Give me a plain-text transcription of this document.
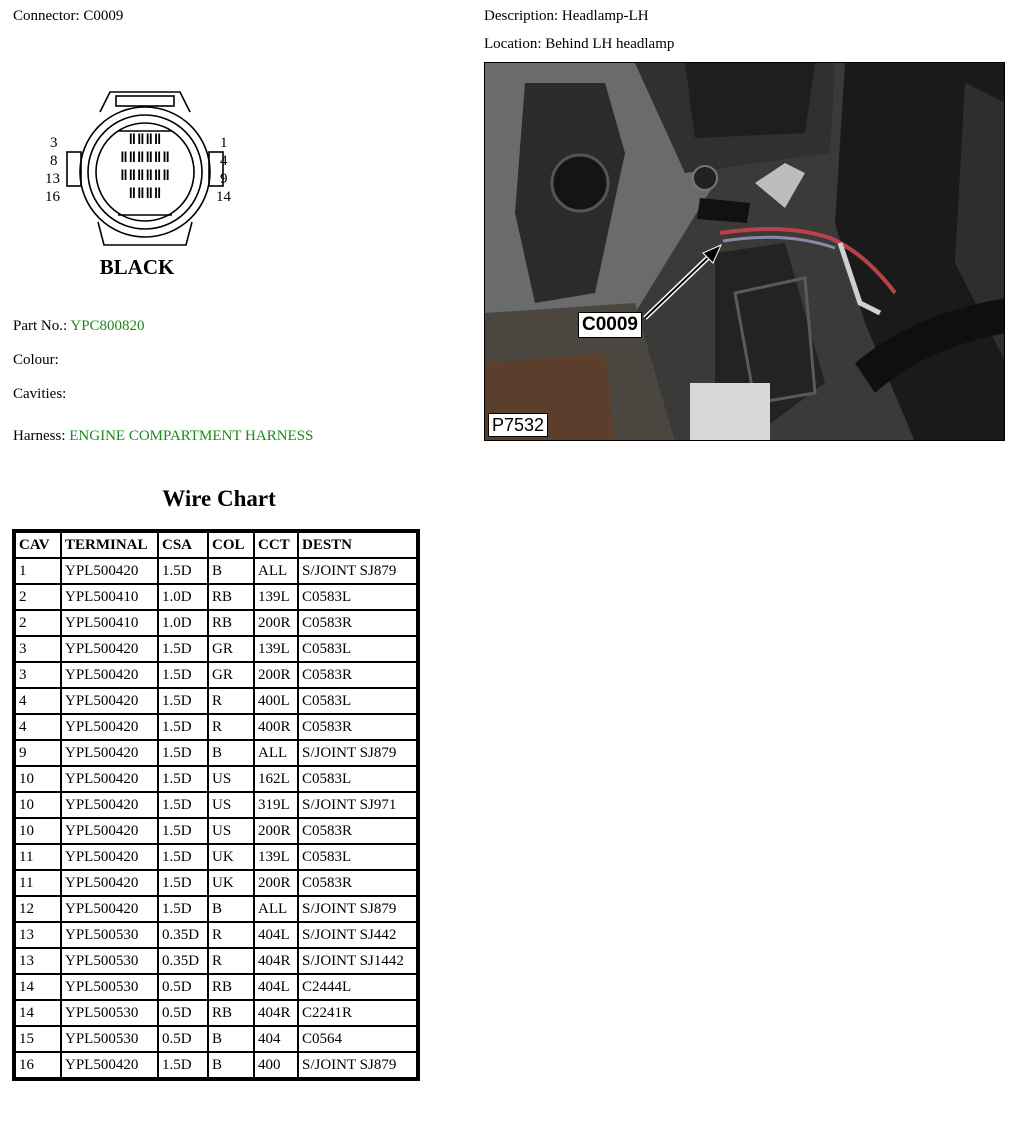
Connector: C0009	Description: Headlamp-LH
Location: Behind LH headlamp
ǁǁǁǁ
ǁǁǁǁǁǁ
ǁǁǁǁǁǁ
ǁǁǁǁ
3
8
13
16
1
4
9
14
BLACK
Part No.: YPC800820
Colour:
Cavities:
Harness: ENGINE COMPARTMENT HARNESS
C0009
P7532
Wire Chart
CAV	TERMINAL	CSA	COL	CCT	DESTN
1	YPL500420	1.5D	B	ALL	S/JOINT SJ879
2	YPL500410	1.0D	RB	139L	C0583L
2	YPL500410	1.0D	RB	200R	C0583R
3	YPL500420	1.5D	GR	139L	C0583L
3	YPL500420	1.5D	GR	200R	C0583R
4	YPL500420	1.5D	R	400L	C0583L
4	YPL500420	1.5D	R	400R	C0583R
9	YPL500420	1.5D	B	ALL	S/JOINT SJ879
10	YPL500420	1.5D	US	162L	C0583L
10	YPL500420	1.5D	US	319L	S/JOINT SJ971
10	YPL500420	1.5D	US	200R	C0583R
11	YPL500420	1.5D	UK	139L	C0583L
11	YPL500420	1.5D	UK	200R	C0583R
12	YPL500420	1.5D	B	ALL	S/JOINT SJ879
13	YPL500530	0.35D	R	404L	S/JOINT SJ442
13	YPL500530	0.35D	R	404R	S/JOINT SJ1442
14	YPL500530	0.5D	RB	404L	C2444L
14	YPL500530	0.5D	RB	404R	C2241R
15	YPL500530	0.5D	B	404	C0564
16	YPL500420	1.5D	B	400	S/JOINT SJ879
